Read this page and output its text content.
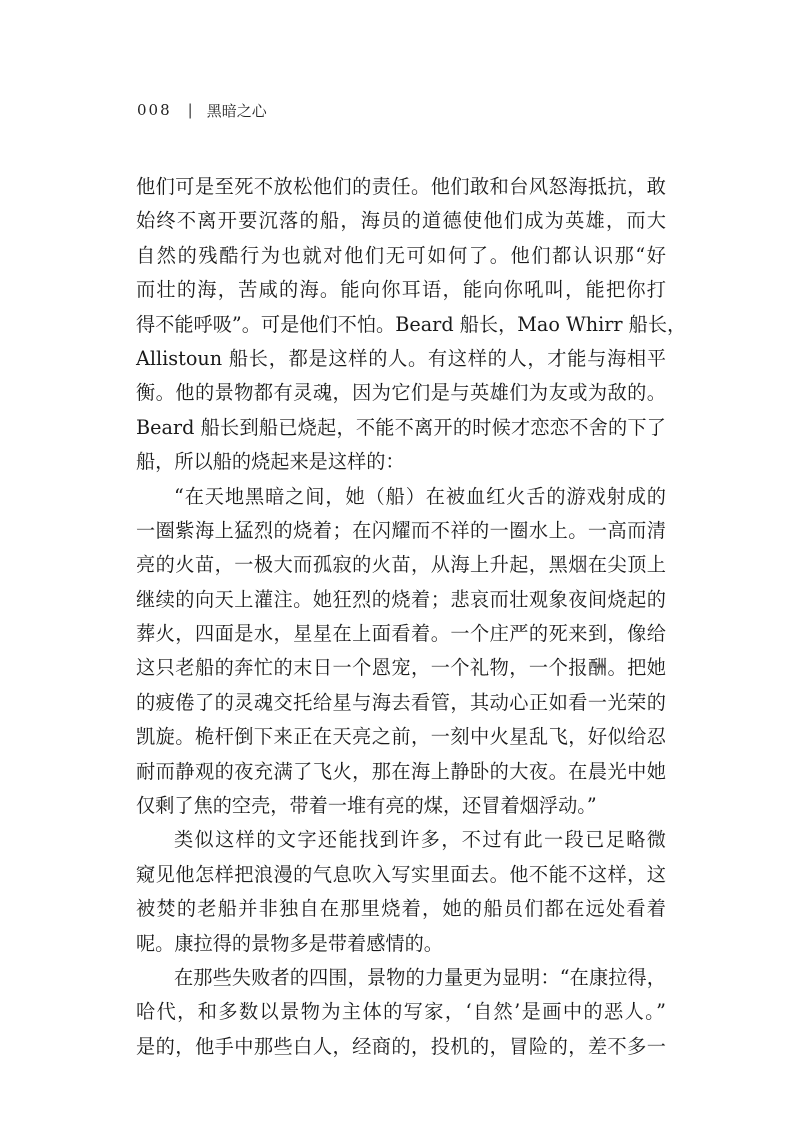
008 | 黑暗之心
他们可是至死不放松他们的责任。他们敢和台风怒海抵抗，敢
始终不离开要沉落的船，海员的道德使他们成为英雄，而大
自然的残酷行为也就对他们无可如何了。他们都认识那“好
而壮的海，苦咸的海。能向你耳语，能向你吼叫，能把你打
得不能呼吸”。可是他们不怕。Beard 船长，Mao Whirr 船长，
Allistoun 船长，都是这样的人。有这样的人，才能与海相平
衡。他的景物都有灵魂，因为它们是与英雄们为友或为敌的。
Beard 船长到船已烧起，不能不离开的时候才恋恋不舍的下了
船，所以船的烧起来是这样的：
“在天地黑暗之间，她（船）在被血红火舌的游戏射成的
一圈紫海上猛烈的烧着；在闪耀而不祥的一圈水上。一高而清
亮的火苗，一极大而孤寂的火苗，从海上升起，黑烟在尖顶上
继续的向天上灌注。她狂烈的烧着；悲哀而壮观象夜间烧起的
葬火，四面是水，星星在上面看着。一个庄严的死来到，像给
这只老船的奔忙的末日一个恩宠，一个礼物，一个报酬。把她
的疲倦了的灵魂交托给星与海去看管，其动心正如看一光荣的
凯旋。桅杆倒下来正在天亮之前，一刻中火星乱飞，好似给忍
耐而静观的夜充满了飞火，那在海上静卧的大夜。在晨光中她
仅剩了焦的空壳，带着一堆有亮的煤，还冒着烟浮动。”
类似这样的文字还能找到许多，不过有此一段已足略微
窥见他怎样把浪漫的气息吹入写实里面去。他不能不这样，这
被焚的老船并非独自在那里烧着，她的船员们都在远处看着
呢。康拉得的景物多是带着感情的。
在那些失败者的四围，景物的力量更为显明：“在康拉得，
哈代，和多数以景物为主体的写家，‘自然’是画中的恶人。”
是的，他手中那些白人，经商的，投机的，冒险的，差不多一
